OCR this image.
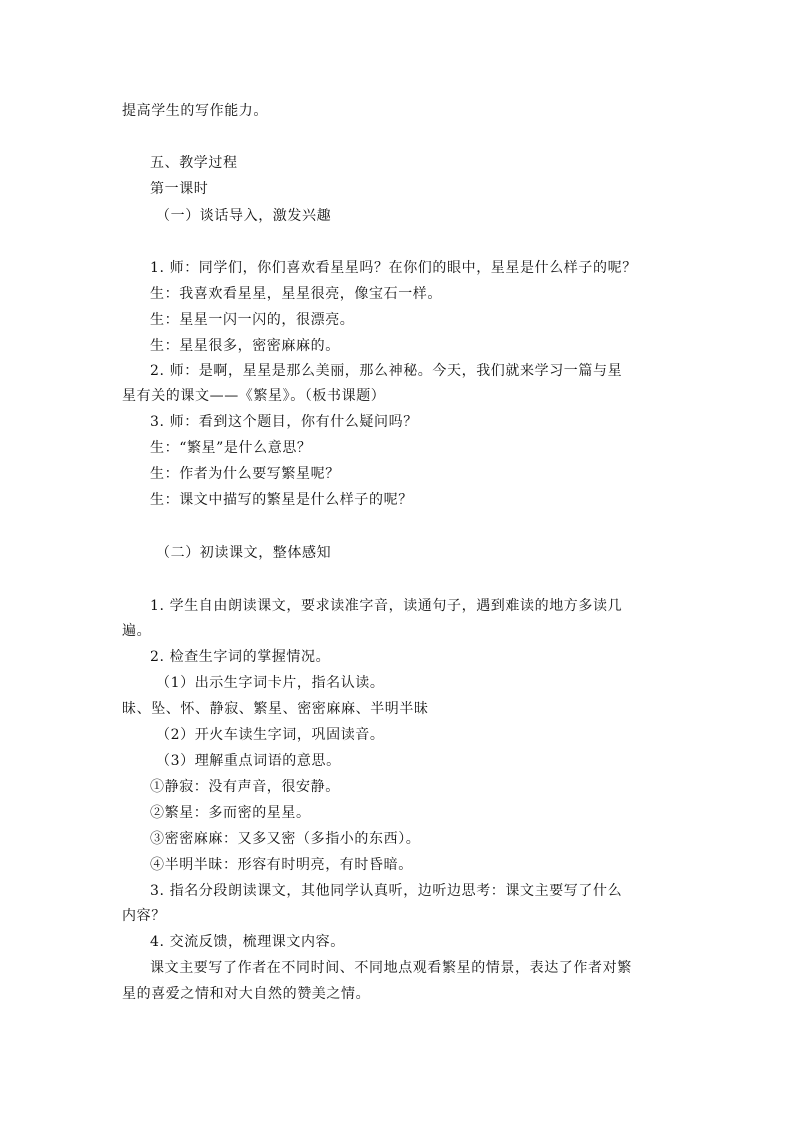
提高学生的写作能力。
五、教学过程
第一课时
（一）谈话导入，激发兴趣
1. 师：同学们，你们喜欢看星星吗？在你们的眼中，星星是什么样子的呢？
生：我喜欢看星星，星星很亮，像宝石一样。
生：星星一闪一闪的，很漂亮。
生：星星很多，密密麻麻的。
2. 师：是啊，星星是那么美丽，那么神秘。今天，我们就来学习一篇与星
星有关的课文——《繁星》。（板书课题）
3. 师：看到这个题目，你有什么疑问吗？
生：“繁星”是什么意思？
生：作者为什么要写繁星呢？
生：课文中描写的繁星是什么样子的呢？
（二）初读课文，整体感知
1. 学生自由朗读课文，要求读准字音，读通句子，遇到难读的地方多读几
遍。
2. 检查生字词的掌握情况。
（1）出示生字词卡片，指名认读。
昧、坠、怀、静寂、繁星、密密麻麻、半明半昧
（2）开火车读生字词，巩固读音。
（3）理解重点词语的意思。
①静寂：没有声音，很安静。
②繁星：多而密的星星。
③密密麻麻：又多又密（多指小的东西）。
④半明半昧：形容有时明亮，有时昏暗。
3. 指名分段朗读课文，其他同学认真听，边听边思考：课文主要写了什么
内容？
4. 交流反馈，梳理课文内容。
课文主要写了作者在不同时间、不同地点观看繁星的情景，表达了作者对繁
星的喜爱之情和对大自然的赞美之情。
